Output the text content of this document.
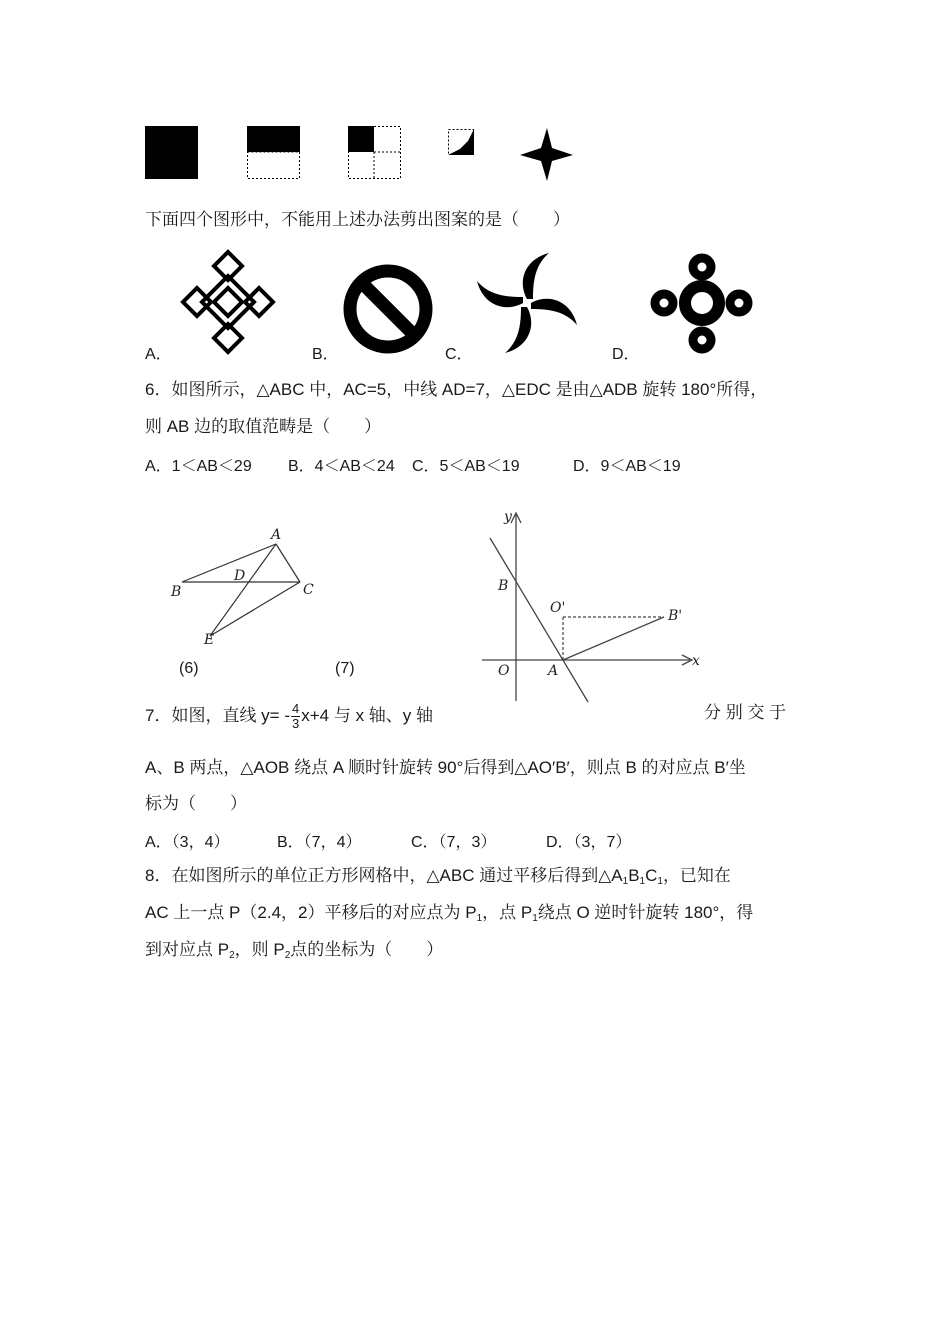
下面四个图形中，不能用上述办法剪出图案的是（　　）
A．	B．	C．	D．
6．如图所示，△ABC 中，AC=5，中线 AD=7，△EDC 是由△ADB 旋转 180°所得，
则 AB 边的取值范畴是（　　）
A．1＜AB＜29 B．4＜AB＜24 C．5＜AB＜19	D．9＜AB＜19
A
B	C
D
E
(6)	(7)
y
x
B
O'	B'
O	A
7．如图，直线 $y= - \frac{4}{3} x+4$ 与 x 轴、y 轴	分 别 交 于
A、B 两点，△AOB 绕点 A 顺时针旋转 90°后得到△AO′B′，则点 B 的对应点 B′坐
标为（　　）
A．（3，4）	B．（7，4）	C．（7，3）	D．（3，7）
8．在如图所示的单位正方形网格中，△ABC 通过平移后得到$\triangle A_1B_1C_1$，已知在
AC 上一点 P（2.4，2）平移后的对应点为 $P_1$，点 $P_1$绕点 O 逆时针旋转 180°，得
到对应点 $P_2$，则 $P_2$点的坐标为（　　）
